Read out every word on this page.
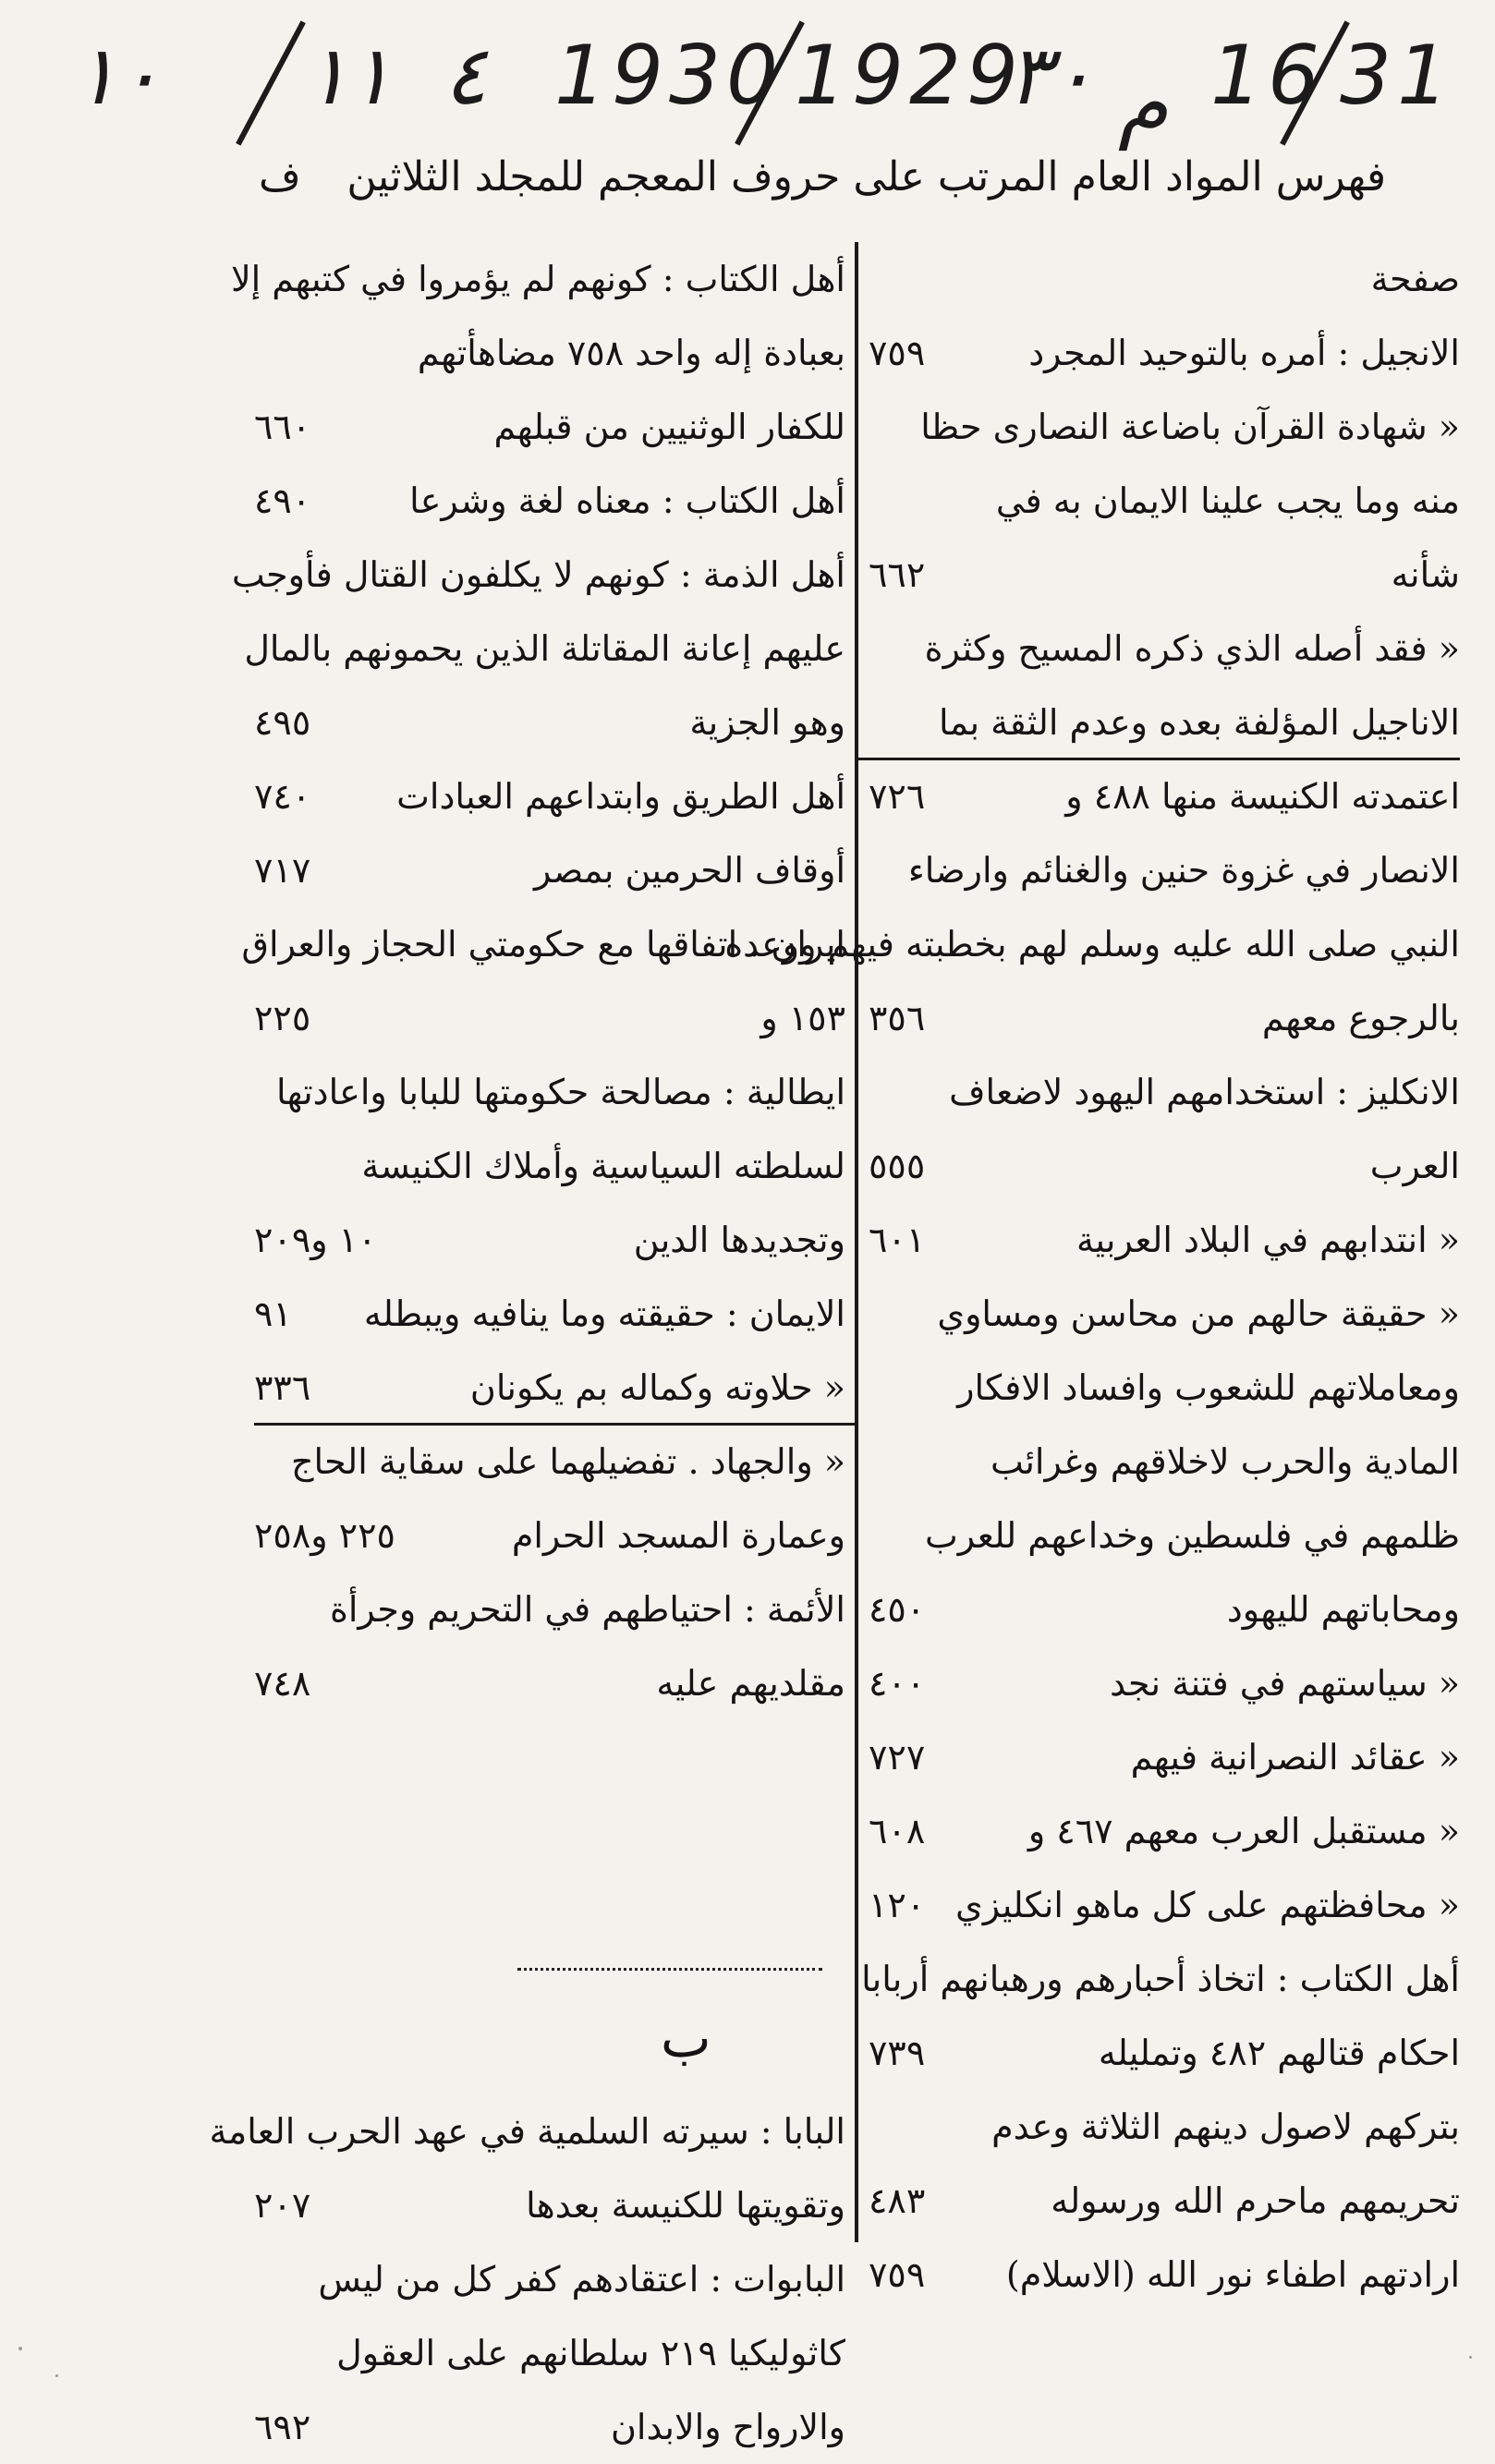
١٠ ١١ ٤ 1930 1929
٣٠ م 16 31
فهرس المواد العام المرتب على حروف المعجم للمجلد الثلاثين
ف
صفحة
الانجيل : أمره بالتوحيد المجرد
٧٥٩
« شهادة القرآن باضاعة النصارى حظا
منه وما يجب علينا الايمان به في
شأنه
٦٦٢
« فقد أصله الذي ذكره المسيح وكثرة
الاناجيل المؤلفة بعده وعدم الثقة بما
اعتمدته الكنيسة منها ٤٨٨ و
٧٢٦
الانصار في غزوة حنين والغنائم وارضاء
النبي صلى الله عليه وسلم لهم بخطبته فيهم ووعده
بالرجوع معهم
٣٥٦
الانكليز : استخدامهم اليهود لاضعاف
العرب
٥٥٥
« انتدابهم في البلاد العربية
٦٠١
« حقيقة حالهم من محاسن ومساوي
ومعاملاتهم للشعوب وافساد الافكار
المادية والحرب لاخلاقهم وغرائب
ظلمهم في فلسطين وخداعهم للعرب
ومحاباتهم لليهود
٤٥٠
« سياستهم في فتنة نجد
٤٠٠
« عقائد النصرانية فيهم
٧٢٧
« مستقبل العرب معهم ٤٦٧ و
٦٠٨
« محافظتهم على كل ماهو انكليزي
١٢٠
أهل الكتاب : اتخاذ أحبارهم ورهبانهم أربابا
احكام قتالهم ٤٨٢ وتمليله
٧٣٩
بتركهم لاصول دينهم الثلاثة وعدم
تحريمهم ماحرم الله ورسوله
٤٨٣
ارادتهم اطفاء نور الله (الاسلام)
٧٥٩
ب
أهل الكتاب : كونهم لم يؤمروا في كتبهم إلا
بعبادة إله واحد ٧٥٨ مضاهأتهم
للكفار الوثنيين من قبلهم
٦٦٠
أهل الكتاب : معناه لغة وشرعا
٤٩٠
أهل الذمة : كونهم لا يكلفون القتال فأوجب
عليهم إعانة المقاتلة الذين يحمونهم بالمال
وهو الجزية
٤٩٥
أهل الطريق وابتداعهم العبادات
٧٤٠
أوقاف الحرمين بمصر
٧١٧
ايران . اتفاقها مع حكومتي الحجاز والعراق
١٥٣ و
٢٢٥
ايطالية : مصالحة حكومتها للبابا واعادتها
لسلطته السياسية وأملاك الكنيسة
وتجديدها الدين
١٠ و٢٠٩
الايمان : حقيقته وما ينافيه ويبطله
٩١
« حلاوته وكماله بم يكونان
٣٣٦
« والجهاد . تفضيلهما على سقاية الحاج
وعمارة المسجد الحرام
٢٢٥ و٢٥٨
الأئمة : احتياطهم في التحريم وجرأة
مقلديهم عليه
٧٤٨
البابا : سيرته السلمية في عهد الحرب العامة
وتقويتها للكنيسة بعدها
٢٠٧
البابوات : اعتقادهم كفر كل من ليس
كاثوليكيا ٢١٩ سلطانهم على العقول
والارواح والابدان
٦٩٢
